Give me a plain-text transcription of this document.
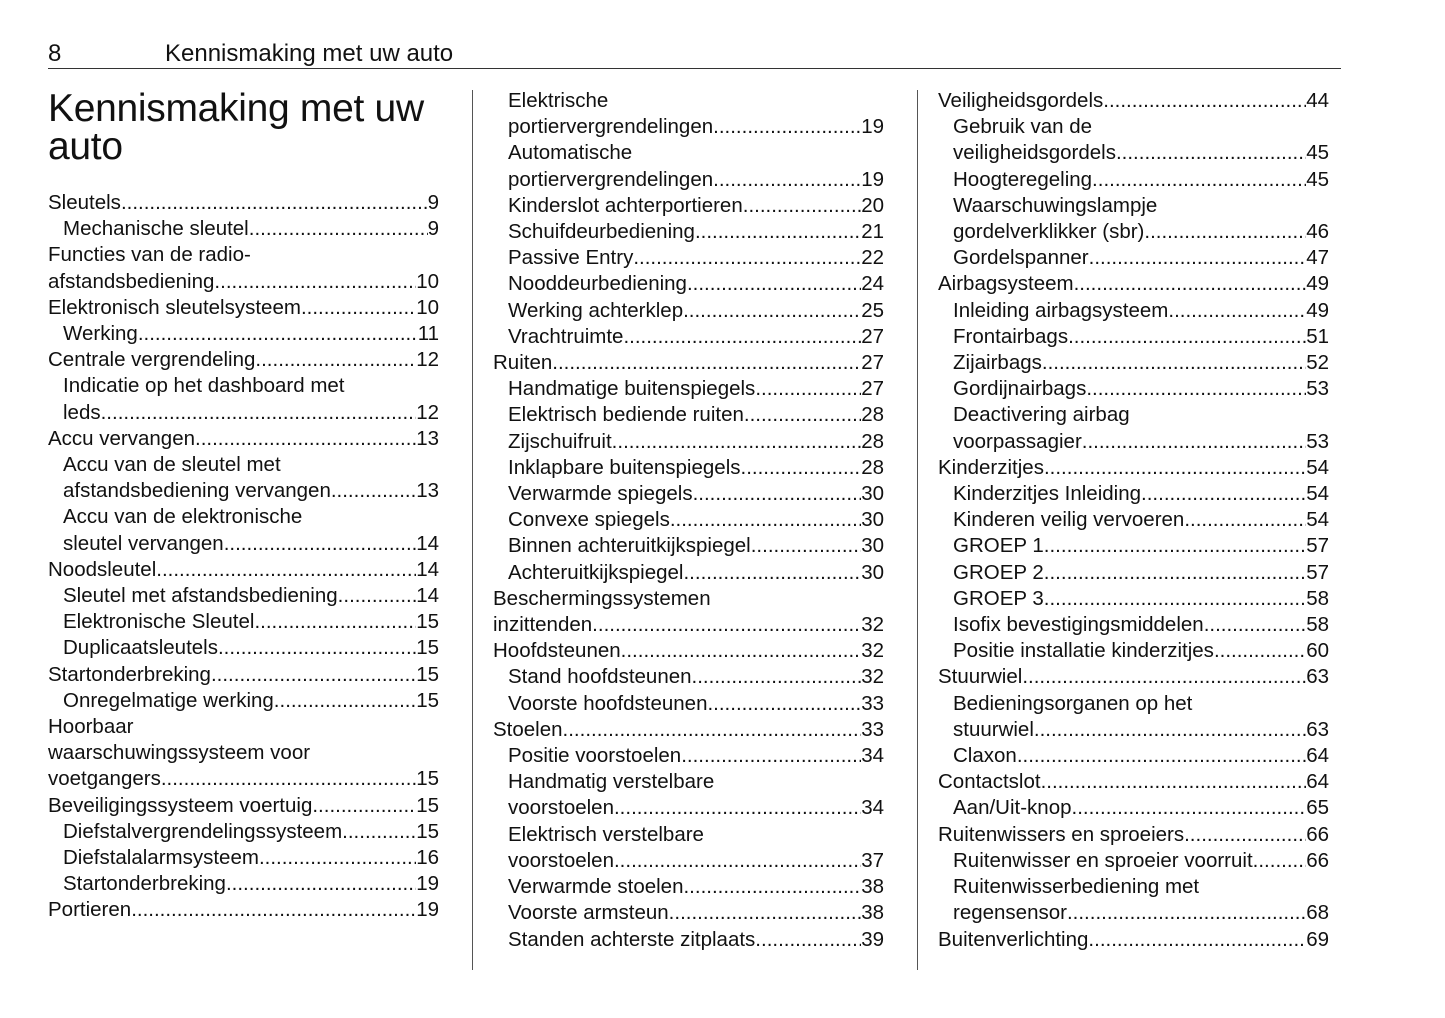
8	Kennismaking met uw auto
Kennismaking met uw auto
Sleutels .....	9
Mechanische sleutel .....	9
Functies van de radio-
afstandsbediening .....	10
Elektronisch sleutelsysteem .....	10
Werking .....	11
Centrale vergrendeling .....	12
Indicatie op het dashboard met
leds .....	12
Accu vervangen .....	13
Accu van de sleutel met
afstandsbediening vervangen .....	13
Accu van de elektronische
sleutel vervangen .....	14
Noodsleutel .....	14
Sleutel met afstandsbediening .....	14
Elektronische Sleutel .....	15
Duplicaatsleutels .....	15
Startonderbreking .....	15
Onregelmatige werking .....	15
Hoorbaar
waarschuwingssysteem voor
voetgangers .....	15
Beveiligingssysteem voertuig .....	15
Diefstalvergrendelingssysteem .....	15
Diefstalalarmsysteem .....	16
Startonderbreking .....	19
Portieren .....	19
Elektrische
portiervergrendelingen .....	19
Automatische
portiervergrendelingen .....	19
Kinderslot achterportieren .....	20
Schuifdeurbediening .....	21
Passive Entry .....	22
Nooddeurbediening .....	24
Werking achterklep .....	25
Vrachtruimte .....	27
Ruiten .....	27
Handmatige buitenspiegels .....	27
Elektrisch bediende ruiten .....	28
Zijschuifruit .....	28
Inklapbare buitenspiegels .....	28
Verwarmde spiegels .....	30
Convexe spiegels .....	30
Binnen achteruitkijkspiegel .....	30
Achteruitkijkspiegel .....	30
Beschermingssystemen
inzittenden .....	32
Hoofdsteunen .....	32
Stand hoofdsteunen .....	32
Voorste hoofdsteunen .....	33
Stoelen .....	33
Positie voorstoelen .....	34
Handmatig verstelbare
voorstoelen .....	34
Elektrisch verstelbare
voorstoelen .....	37
Verwarmde stoelen .....	38
Voorste armsteun .....	38
Standen achterste zitplaats .....	39
Veiligheidsgordels .....	44
Gebruik van de
veiligheidsgordels .....	45
Hoogteregeling .....	45
Waarschuwingslampje
gordelverklikker (sbr) .....	46
Gordelspanner .....	47
Airbagsysteem .....	49
Inleiding airbagsysteem .....	49
Frontairbags .....	51
Zijairbags .....	52
Gordijnairbags .....	53
Deactivering airbag
voorpassagier .....	53
Kinderzitjes .....	54
Kinderzitjes Inleiding .....	54
Kinderen veilig vervoeren .....	54
GROEP 1 .....	57
GROEP 2 .....	57
GROEP 3 .....	58
Isofix bevestigingsmiddelen .....	58
Positie installatie kinderzitjes .....	60
Stuurwiel .....	63
Bedieningsorganen op het
stuurwiel .....	63
Claxon .....	64
Contactslot .....	64
Aan/Uit-knop .....	65
Ruitenwissers en sproeiers .....	66
Ruitenwisser en sproeier voorruit .....	66
Ruitenwisserbediening met
regensensor .....	68
Buitenverlichting .....	69
